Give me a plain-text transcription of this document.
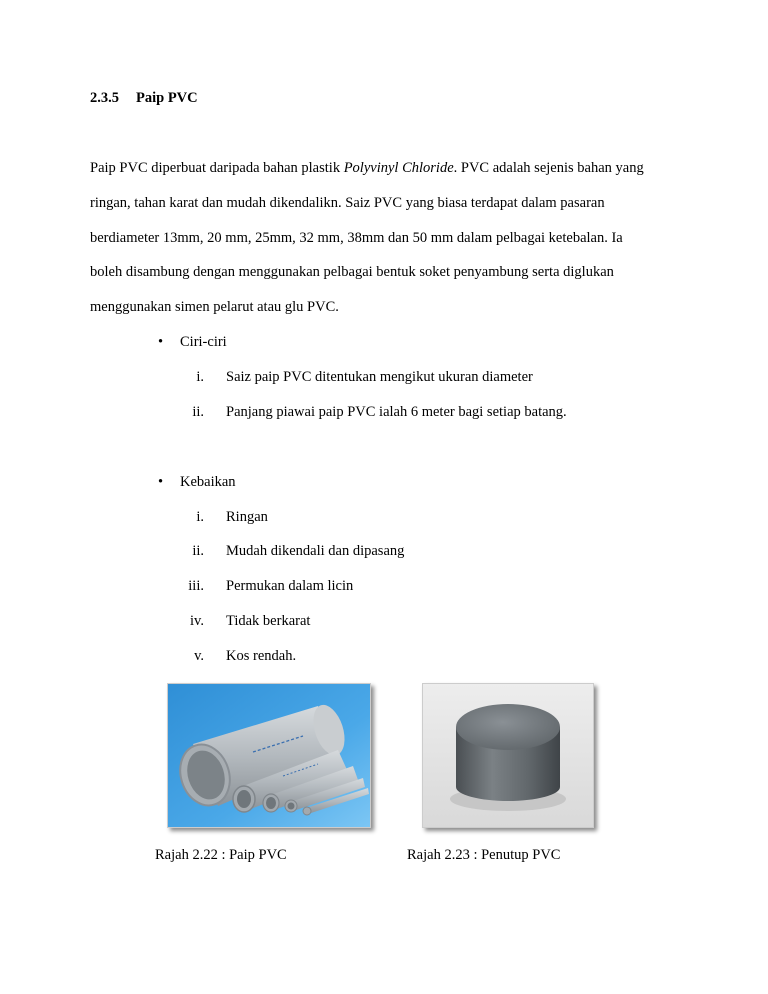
2.3.5 Paip PVC
Paip PVC diperbuat daripada bahan plastik Polyvinyl Chloride. PVC adalah sejenis bahan yang
ringan, tahan karat dan mudah dikendalikn. Saiz PVC yang biasa terdapat dalam pasaran
berdiameter 13mm, 20 mm, 25mm, 32 mm, 38mm dan 50 mm dalam pelbagai ketebalan. Ia
boleh disambung dengan menggunakan pelbagai bentuk soket penyambung serta diglukan
menggunakan simen pelarut atau glu PVC.
• Ciri-ciri
i. Saiz paip PVC ditentukan mengikut ukuran diameter
ii. Panjang piawai paip PVC ialah 6 meter bagi setiap batang.
• Kebaikan
i. Ringan
ii. Mudah dikendali dan dipasang
iii. Permukan dalam licin
iv. Tidak berkarat
v. Kos rendah.
Rajah 2.22 : Paip PVC	Rajah 2.23 : Penutup PVC
